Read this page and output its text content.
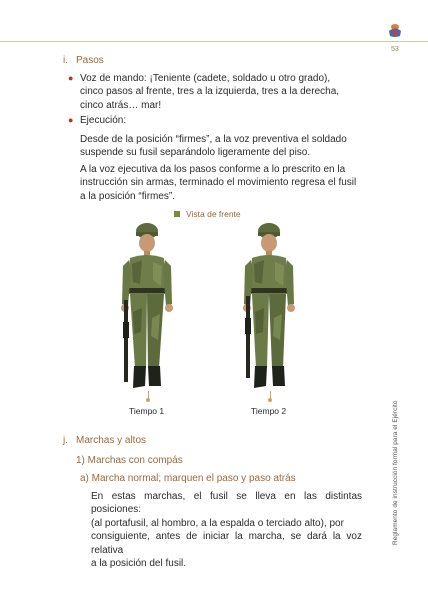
53
i. Pasos
● Voz de mando: ¡Teniente (cadete, soldado u otro grado),
cinco pasos al frente, tres a la izquierda, tres a la derecha,
cinco atrás… mar!
● Ejecución:
Desde de la posición “firmes”, a la voz preventiva el soldado
suspende su fusil separándolo ligeramente del piso.
A la voz ejecutiva da los pasos conforme a lo prescrito en la
instrucción sin armas, terminado el movimiento regresa el fusil
a la posición “firmes”.
Vista de frente
Tiempo 1	Tiempo 2
j. Marchas y altos
1) Marchas con compás
a) Marcha normal; marquen el paso y paso atrás
En estas marchas, el fusil se lleva en las distintas posiciones:
(al portafusil, al hombro, a la espalda o terciado alto), por
consiguiente, antes de iniciar la marcha, se dará la voz relativa
a la posición del fusil.
Reglamento de instrucción formal para el Ejército
